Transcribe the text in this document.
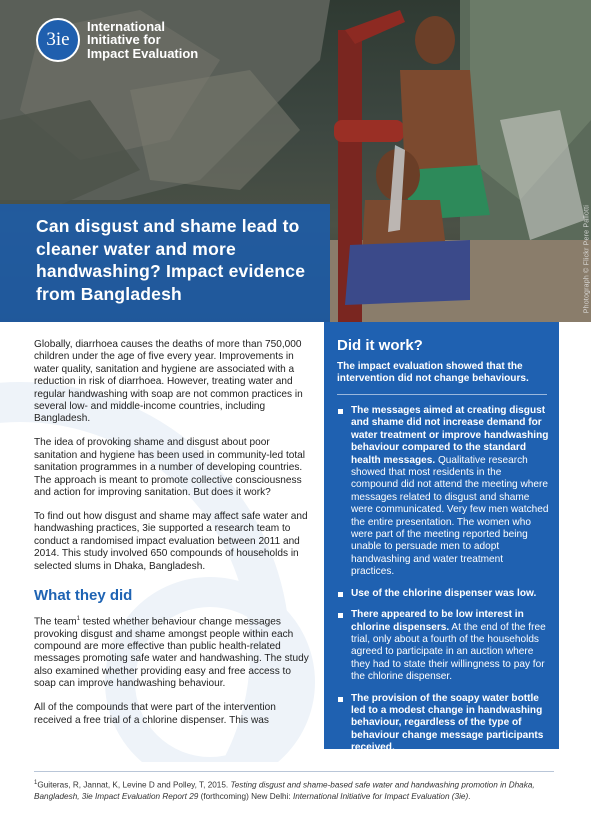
Photograph © Flickr Pere Pallotti
3ie
International
Initiative for
Impact Evaluation
Can disgust and shame lead to cleaner water and more handwashing? Impact evidence from Bangladesh

Globally, diarrhoea causes the deaths of more than 750,000 children under the age of five every year. Improvements in water quality, sanitation and hygiene are associated with a reduction in risk of diarrhoea. However, treating water and regular handwashing with soap are not common practices in several low- and middle-income countries, including Bangladesh.

The idea of provoking shame and disgust about poor sanitation and hygiene has been used in community-led total sanitation programmes in a number of developing countries. The approach is meant to promote collective consciousness and action for improving sanitation. But does it work?

To find out how disgust and shame may affect safe water and handwashing practices, 3ie supported a research team to conduct a randomised impact evaluation between 2011 and 2014. This study involved 650 compounds of households in selected slums in Dhaka, Bangladesh.

What they did

The team$^1$ tested whether behaviour change messages provoking disgust and shame amongst people within each compound are more effective than public health-related messages promoting safe water and handwashing. The study also examined whether providing easy and free access to soap can improve handwashing behaviour.

All of the compounds that were part of the intervention received a free trial of a chlorine dispenser. This was

Did it work?

The impact evaluation showed that the intervention did not change behaviours.

The messages aimed at creating disgust and shame did not increase demand for water treatment or improve handwashing behaviour compared to the standard health messages. Qualitative research showed that most residents in the compound did not attend the meeting where messages related to disgust and shame were communicated. Very few men watched the entire presentation. The women who were part of the meeting reported being unable to persuade men to adopt handwashing and water treatment practices.
Use of the chlorine dispenser was low.
There appeared to be low interest in chlorine dispensers. At the end of the free trial, only about a fourth of the households agreed to participate in an auction where they had to state their willingness to pay for the chlorine dispenser.
The provision of the soapy water bottle led to a modest change in handwashing behaviour, regardless of the type of behaviour change message participants received.

$^1$Guiteras, R, Jannat, K, Levine D and Polley, T, 2015. Testing disgust and shame-based safe water and handwashing promotion in Dhaka, Bangladesh, 3ie Impact Evaluation Report 29 (forthcoming) New Delhi: International Initiative for Impact Evaluation (3ie).
